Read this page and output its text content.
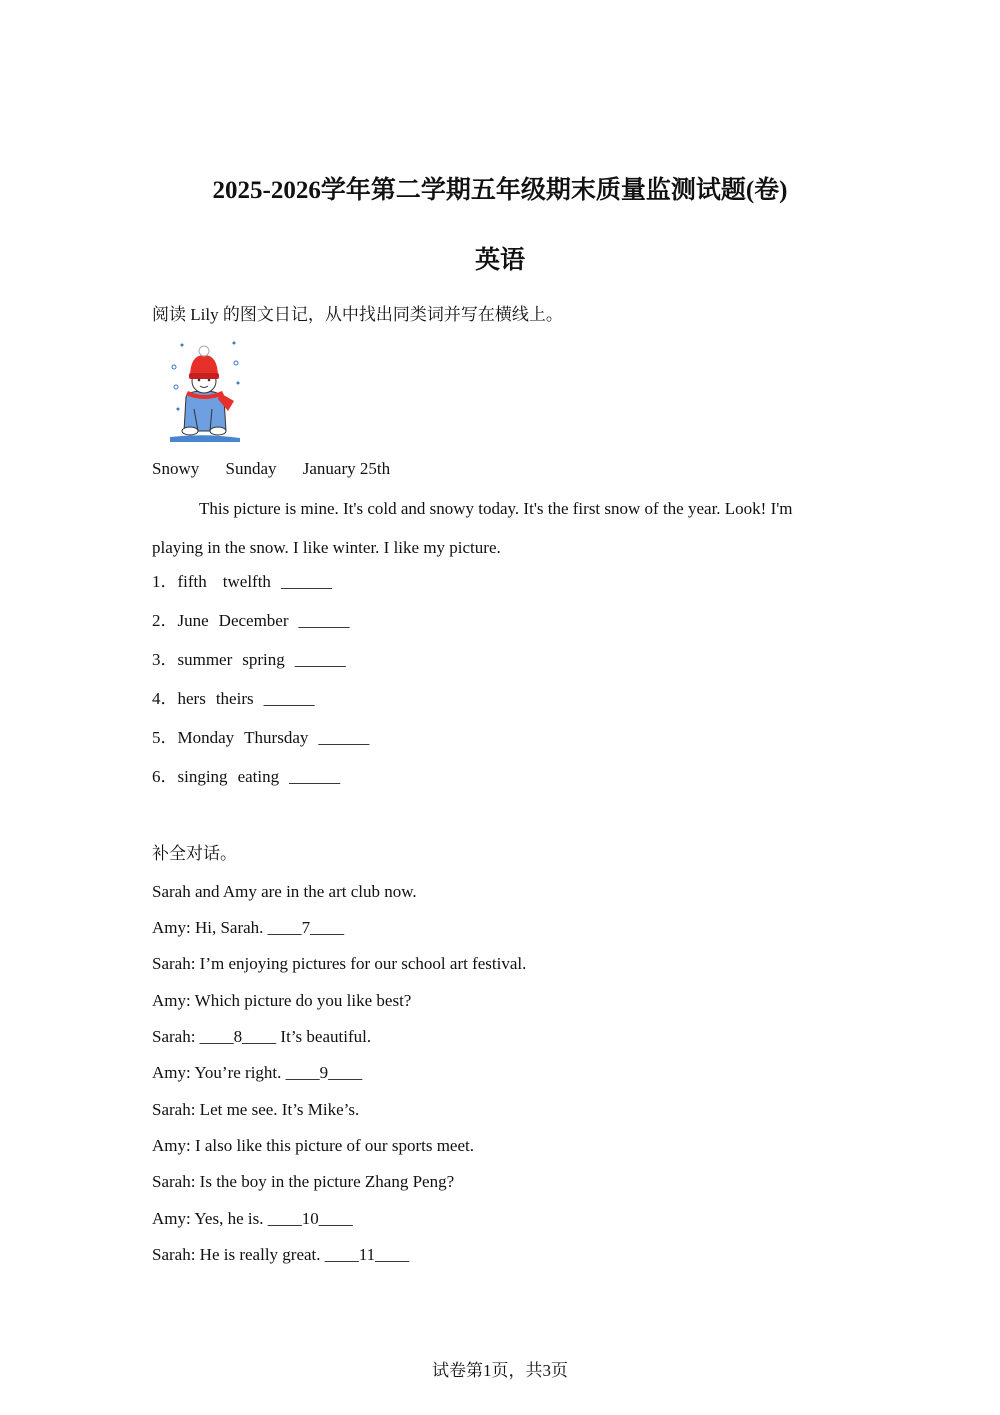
2025-2026学年第二学期五年级期末质量监测试题(卷)
英语
阅读 Lily 的图文日记，从中找出同类词并写在横线上。
Snowy Sunday January 25th
This picture is mine. It's cold and snowy today. It's the first snow of the year. Look! I'm playing in the snow. I like winter. I like my picture.
1．fifth twelfth ______
2．June December ______
3．summer spring ______
4．hers theirs ______
5．Monday Thursday ______
6．singing eating ______
补全对话。
Sarah and Amy are in the art club now.
Amy: Hi, Sarah. ____7____
Sarah: I’m enjoying pictures for our school art festival.
Amy: Which picture do you like best?
Sarah: ____8____ It’s beautiful.
Amy: You’re right. ____9____
Sarah: Let me see. It’s Mike’s.
Amy: I also like this picture of our sports meet.
Sarah: Is the boy in the picture Zhang Peng?
Amy: Yes, he is. ____10____
Sarah: He is really great. ____11____
试卷第1页，共3页
